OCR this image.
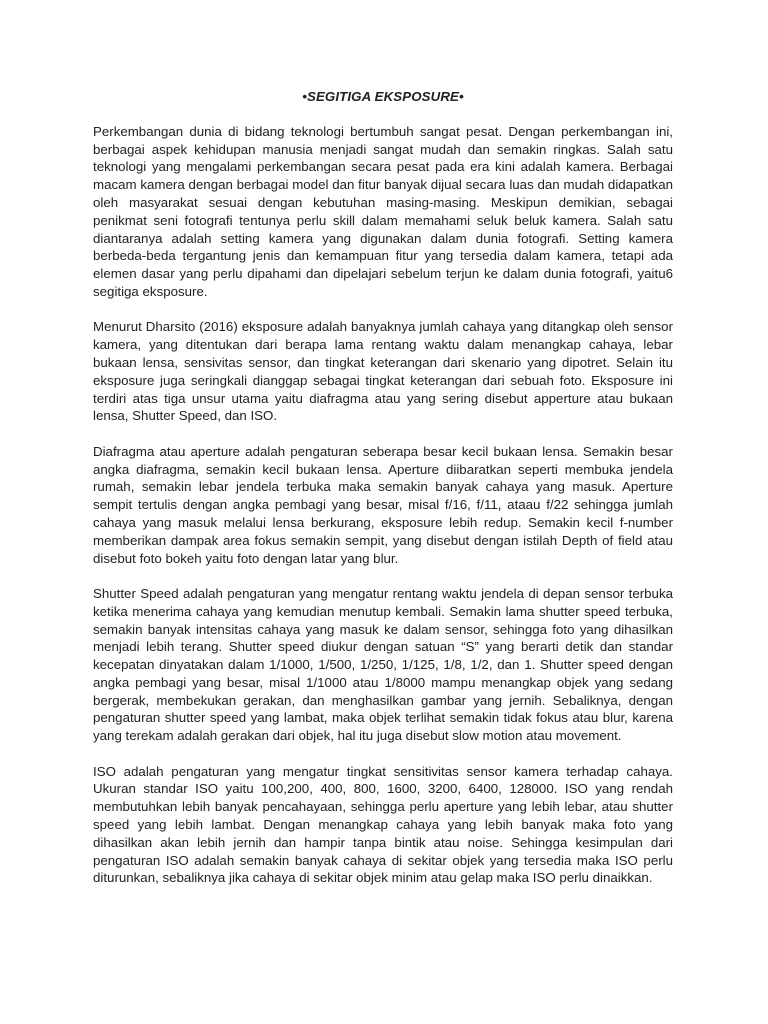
•SEGITIGA EKSPOSURE•

Perkembangan dunia di bidang teknologi bertumbuh sangat pesat. Dengan perkembangan ini, berbagai aspek kehidupan manusia menjadi sangat mudah dan semakin ringkas. Salah satu teknologi yang mengalami perkembangan secara pesat pada era kini adalah kamera. Berbagai macam kamera dengan berbagai model dan fitur banyak dijual secara luas dan mudah didapatkan oleh masyarakat sesuai dengan kebutuhan masing-masing. Meskipun demikian, sebagai penikmat seni fotografi tentunya perlu skill dalam memahami seluk beluk kamera. Salah satu diantaranya adalah setting kamera yang digunakan dalam dunia fotografi. Setting kamera berbeda-beda tergantung jenis dan kemampuan fitur yang tersedia dalam kamera, tetapi ada elemen dasar yang perlu dipahami dan dipelajari sebelum terjun ke dalam dunia fotografi, yaitu6 segitiga eksposure.

Menurut Dharsito (2016) eksposure adalah banyaknya jumlah cahaya yang ditangkap oleh sensor kamera, yang ditentukan dari berapa lama rentang waktu dalam menangkap cahaya, lebar bukaan lensa, sensivitas sensor, dan tingkat keterangan dari skenario yang dipotret. Selain itu eksposure juga seringkali dianggap sebagai tingkat keterangan dari sebuah foto. Eksposure ini terdiri atas tiga unsur utama yaitu diafragma atau yang sering disebut apperture atau bukaan lensa, Shutter Speed, dan ISO.

Diafragma atau aperture adalah pengaturan seberapa besar kecil bukaan lensa. Semakin besar angka diafragma, semakin kecil bukaan lensa. Aperture diibaratkan seperti membuka jendela rumah, semakin lebar jendela terbuka maka semakin banyak cahaya yang masuk. Aperture sempit tertulis dengan angka pembagi yang besar, misal f/16, f/11, ataau f/22 sehingga jumlah cahaya yang masuk melalui lensa berkurang, eksposure lebih redup. Semakin kecil f-number memberikan dampak area fokus semakin sempit, yang disebut dengan istilah Depth of field atau disebut foto bokeh yaitu foto dengan latar yang blur.

Shutter Speed adalah pengaturan yang mengatur rentang waktu jendela di depan sensor terbuka ketika menerima cahaya yang kemudian menutup kembali. Semakin lama shutter speed terbuka, semakin banyak intensitas cahaya yang masuk ke dalam sensor, sehingga foto yang dihasilkan menjadi lebih terang. Shutter speed diukur dengan satuan “S” yang berarti detik dan standar kecepatan dinyatakan dalam 1/1000, 1/500, 1/250, 1/125, 1/8, 1/2, dan 1. Shutter speed dengan angka pembagi yang besar, misal 1/1000 atau 1/8000 mampu menangkap objek yang sedang bergerak, membekukan gerakan, dan menghasilkan gambar yang jernih. Sebaliknya, dengan pengaturan shutter speed yang lambat, maka objek terlihat semakin tidak fokus atau blur, karena yang terekam adalah gerakan dari objek, hal itu juga disebut slow motion atau movement.

ISO adalah pengaturan yang mengatur tingkat sensitivitas sensor kamera terhadap cahaya. Ukuran standar ISO yaitu 100,200, 400, 800, 1600, 3200, 6400, 128000. ISO yang rendah membutuhkan lebih banyak pencahayaan, sehingga perlu aperture yang lebih lebar, atau shutter speed yang lebih lambat. Dengan menangkap cahaya yang lebih banyak maka foto yang dihasilkan akan lebih jernih dan hampir tanpa bintik atau noise. Sehingga kesimpulan dari pengaturan ISO adalah semakin banyak cahaya di sekitar objek yang tersedia maka ISO perlu diturunkan, sebaliknya jika cahaya di sekitar objek minim atau gelap maka ISO perlu dinaikkan.
